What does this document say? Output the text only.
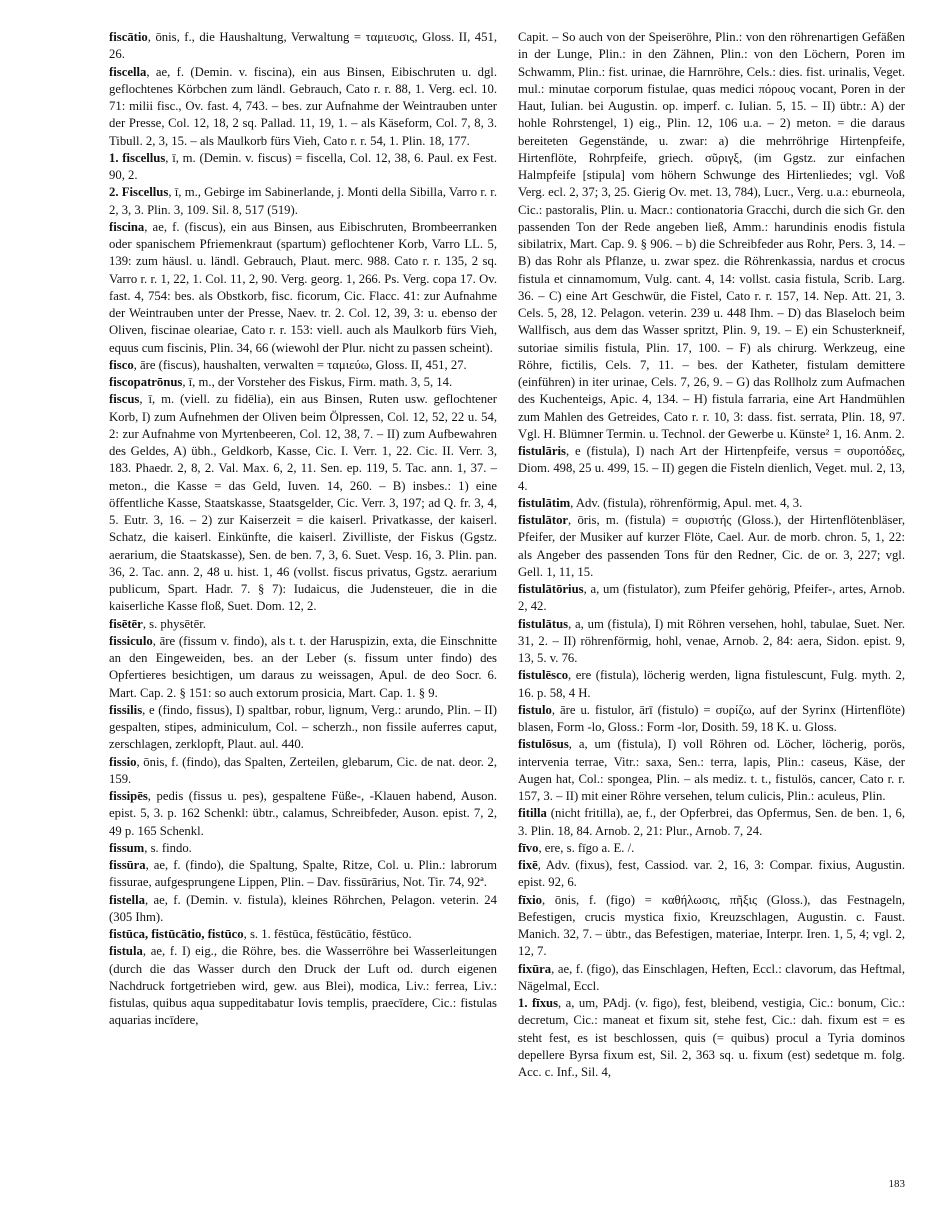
fiscātio, ōnis, f., die Haushaltung, Verwaltung = ταμιευσις, Gloss. II, 451, 26.

fiscella, ae, f. (Demin. v. fiscina), ein aus Binsen, Eibischruten u. dgl. geflochtenes Körbchen zum ländl. Gebrauch, Cato r. r. 88, 1. Verg. ecl. 10. 71: milii fisc., Ov. fast. 4, 743. – bes. zur Aufnahme der Weintrauben unter der Presse, Col. 12, 18, 2 sq. Pallad. 11, 19, 1. – als Käseform, Col. 7, 8, 3. Tibull. 2, 3, 15. – als Maulkorb fürs Vieh, Cato r. r. 54, 1. Plin. 18, 177.

1. fiscellus, ī, m. (Demin. v. fiscus) = fiscella, Col. 12, 38, 6. Paul. ex Fest. 90, 2.

2. Fiscellus, ī, m., Gebirge im Sabinerlande, j. Monti della Sibilla, Varro r. r. 2, 3, 3. Plin. 3, 109. Sil. 8, 517 (519).

fiscina, ae, f. (fiscus), ein aus Binsen, aus Eibischruten, Brombeerranken oder spanischem Pfriemenkraut (spartum) geflochtener Korb, Varro LL. 5, 139: zum häusl. u. ländl. Gebrauch, Plaut. merc. 988. Cato r. r. 135, 2 sq. Varro r. r. 1, 22, 1. Col. 11, 2, 90. Verg. georg. 1, 266. Ps. Verg. copa 17. Ov. fast. 4, 754: bes. als Obstkorb, fisc. ficorum, Cic. Flacc. 41: zur Aufnahme der Weintrauben unter der Presse, Naev. tr. 2. Col. 12, 39, 3: u. ebenso der Oliven, fiscinae oleariae, Cato r. r. 153: viell. auch als Maulkorb fürs Vieh, equus cum fiscinis, Plin. 34, 66 (wiewohl der Plur. nicht zu passen scheint).

fisco, āre (fiscus), haushalten, verwalten = ταμιεύω, Gloss. II, 451, 27.

fiscopatrōnus, ī, m., der Vorsteher des Fiskus, Firm. math. 3, 5, 14.

fiscus, ī, m. (viell. zu fidēlia), ein aus Binsen, Ruten usw. geflochtener Korb, I) zum Aufnehmen der Oliven beim Ölpressen, Col. 12, 52, 22 u. 54, 2: zur Aufnahme von Myrtenbeeren, Col. 12, 38, 7. – II) zum Aufbewahren des Geldes, A) übh., Geldkorb, Kasse, Cic. I. Verr. 1, 22. Cic. II. Verr. 3, 183. Phaedr. 2, 8, 2. Val. Max. 6, 2, 11. Sen. ep. 119, 5. Tac. ann. 1, 37. – meton., die Kasse = das Geld, Iuven. 14, 260. – B) insbes.: 1) eine öffentliche Kasse, Staatskasse, Staatsgelder, Cic. Verr. 3, 197; ad Q. fr. 3, 4, 5. Eutr. 3, 16. – 2) zur Kaiserzeit = die kaiserl. Privatkasse, der kaiserl. Schatz, die kaiserl. Einkünfte, die kaiserl. Zivilliste, der Fiskus (Ggstz. aerarium, die Staatskasse), Sen. de ben. 7, 3, 6. Suet. Vesp. 16, 3. Plin. pan. 36, 2. Tac. ann. 2, 48 u. hist. 1, 46 (vollst. fiscus privatus, Ggstz. aerarium publicum, Spart. Hadr. 7. § 7): Iudaicus, die Judensteuer, die in die kaiserliche Kasse floß, Suet. Dom. 12, 2.

fisētēr, s. physētēr.

fissiculo, āre (fissum v. findo), als t. t. der Haruspizin, exta, die Einschnitte an den Eingeweiden, bes. an der Leber (s. fissum unter findo) des Opfertieres besichtigen, um daraus zu weissagen, Apul. de deo Socr. 6. Mart. Cap. 2. § 151: so auch extorum prosicia, Mart. Cap. 1. § 9.

fissilis, e (findo, fissus), I) spaltbar, robur, lignum, Verg.: arundo, Plin. – II) gespalten, stipes, adminiculum, Col. – scherzh., non fissile auferres caput, zerschlagen, zerklopft, Plaut. aul. 440.

fissio, ōnis, f. (findo), das Spalten, Zerteilen, glebarum, Cic. de nat. deor. 2, 159.

fissipēs, pedis (fissus u. pes), gespaltene Füße-, -Klauen habend, Auson. epist. 5, 3. p. 162 Schenkl: übtr., calamus, Schreibfeder, Auson. epist. 7, 2, 49 p. 165 Schenkl.

fissum, s. findo.

fissūra, ae, f. (findo), die Spaltung, Spalte, Ritze, Col. u. Plin.: labrorum fissurae, aufgesprungene Lippen, Plin. – Dav. fissūrārius, Not. Tir. 74, 92ª.

fistella, ae, f. (Demin. v. fistula), kleines Röhrchen, Pelagon. veterin. 24 (305 Ihm).

fistūca, fistūcātio, fistūco, s. 1. fēstūca, fēstūcātio, fēstūco.

fistula, ae, f. I) eig., die Röhre, bes. die Wasserröhre bei Wasserleitungen (durch die das Wasser durch den Druck der Luft od. durch eigenen Nachdruck fortgetrieben wird, gew. aus Blei), modica, Liv.: ferrea, Liv.: fistulas, quibus aqua suppeditabatur Iovis templis, praecīdere, Cic.: fistulas aquarias incīdere,

Capit. – So auch von der Speiseröhre, Plin.: von den röhrenartigen Gefäßen in der Lunge, Plin.: in den Zähnen, Plin.: von den Löchern, Poren im Schwamm, Plin.: fist. urinae, die Harnröhre, Cels.: dies. fist. urinalis, Veget. mul.: minutae corporum fistulae, quas medici πόρους vocant, Poren in der Haut, Iulian. bei Augustin. op. imperf. c. Iulian. 5, 15. – II) übtr.: A) der hohle Rohrstengel, 1) eig., Plin. 12, 106 u.a. – 2) meton. = die daraus bereiteten Gegenstände, u. zwar: a) die mehrröhrige Hirtenpfeife, Hirtenflöte, Rohrpfeife, griech. σῦριγξ, (im Ggstz. zur einfachen Halmpfeife [stipula] vom höhern Schwunge des Hirtenliedes; vgl. Voß Verg. ecl. 2, 37; 3, 25. Gierig Ov. met. 13, 784), Lucr., Verg. u.a.: eburneola, Cic.: pastoralis, Plin. u. Macr.: contionatoria Gracchi, durch die sich Gr. den passenden Ton der Rede angeben ließ, Amm.: harundinis enodis fistula sibilatrix, Mart. Cap. 9. § 906. – b) die Schreibfeder aus Rohr, Pers. 3, 14. – B) das Rohr als Pflanze, u. zwar spez. die Röhrenkassia, nardus et crocus fistula et cinnamomum, Vulg. cant. 4, 14: vollst. casia fistula, Scrib. Larg. 36. – C) eine Art Geschwür, die Fistel, Cato r. r. 157, 14. Nep. Att. 21, 3. Cels. 5, 28, 12. Pelagon. veterin. 239 u. 448 Ihm. – D) das Blaseloch beim Wallfisch, aus dem das Wasser spritzt, Plin. 9, 19. – E) ein Schusterkneif, sutoriae similis fistula, Plin. 17, 100. – F) als chirurg. Werkzeug, eine Röhre, fictilis, Cels. 7, 11. – bes. der Katheter, fistulam demittere (einführen) in iter urinae, Cels. 7, 26, 9. – G) das Rollholz zum Aufmachen des Kuchenteigs, Apic. 4, 134. – H) fistula farraria, eine Art Handmühlen zum Mahlen des Getreides, Cato r. r. 10, 3: dass. fist. serrata, Plin. 18, 97. Vgl. H. Blümner Termin. u. Technol. der Gewerbe u. Künste² 1, 16. Anm. 2.

fistulāris, e (fistula), I) nach Art der Hirtenpfeife, versus = συροπόδες, Diom. 498, 25 u. 499, 15. – II) gegen die Fisteln dienlich, Veget. mul. 2, 13, 4.

fistulātim, Adv. (fistula), röhrenförmig, Apul. met. 4, 3.

fistulātor, ōris, m. (fistula) = συριστής (Gloss.), der Hirtenflötenbläser, Pfeifer, der Musiker auf kurzer Flöte, Cael. Aur. de morb. chron. 5, 1, 22: als Angeber des passenden Tons für den Redner, Cic. de or. 3, 227; vgl. Gell. 1, 11, 15.

fistulātōrius, a, um (fistulator), zum Pfeifer gehörig, Pfeifer-, artes, Arnob. 2, 42.

fistulātus, a, um (fistula), I) mit Röhren versehen, hohl, tabulae, Suet. Ner. 31, 2. – II) röhrenförmig, hohl, venae, Arnob. 2, 84: aera, Sidon. epist. 9, 13, 5. v. 76.

fistulēsco, ere (fistula), löcherig werden, ligna fistulescunt, Fulg. myth. 2, 16. p. 58, 4 H.

fistulo, āre u. fistulor, ārī (fistulo) = συρίζω, auf der Syrinx (Hirtenflöte) blasen, Form -lo, Gloss.: Form -lor, Dosith. 59, 18 K. u. Gloss.

fistulōsus, a, um (fistula), I) voll Röhren od. Löcher, löcherig, porös, intervenia terrae, Vitr.: saxa, Sen.: terra, lapis, Plin.: caseus, Käse, der Augen hat, Col.: spongea, Plin. – als mediz. t. t., fistulös, cancer, Cato r. r. 157, 3. – II) mit einer Röhre versehen, telum culicis, Plin.: aculeus, Plin.

fitilla (nicht fritilla), ae, f., der Opferbrei, das Opfermus, Sen. de ben. 1, 6, 3. Plin. 18, 84. Arnob. 2, 21: Plur., Arnob. 7, 24.

fīvo, ere, s. fīgo a. E. /.

fixē, Adv. (fixus), fest, Cassiod. var. 2, 16, 3: Compar. fixius, Augustin. epist. 92, 6.

fīxio, ōnis, f. (figo) = καθήλωσις, πῆξις (Gloss.), das Festnageln, Befestigen, crucis mystica fixio, Kreuzschlagen, Augustin. c. Faust. Manich. 32, 7. – übtr., das Befestigen, materiae, Interpr. Iren. 1, 5, 4; vgl. 2, 12, 7.

fixūra, ae, f. (figo), das Einschlagen, Heften, Eccl.: clavorum, das Heftmal, Nägelmal, Eccl.

1. fīxus, a, um, PAdj. (v. figo), fest, bleibend, vestigia, Cic.: bonum, Cic.: decretum, Cic.: maneat et fixum sit, stehe fest, Cic.: dah. fixum est = es steht fest, es ist beschlossen, quis (= quibus) procul a Tyria dominos depellere Byrsa fixum est, Sil. 2, 363 sq. u. fixum (est) sedetque m. folg. Acc. c. Inf., Sil. 4,

183
